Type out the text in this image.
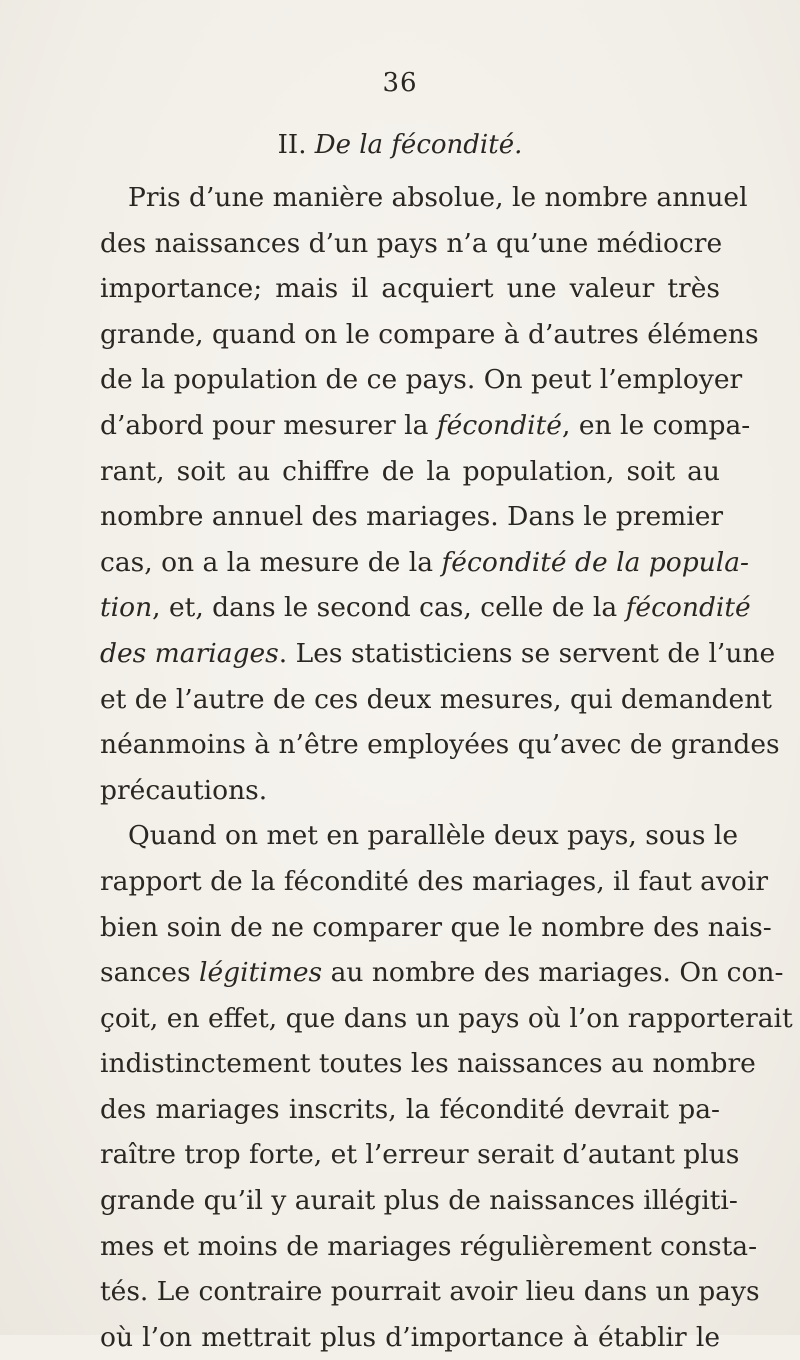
36
II. De la fécondité.
Pris d’une manière absolue, le nombre annuel
des naissances d’un pays n’a qu’une médiocre
importance; mais il acquiert une valeur très
grande, quand on le compare à d’autres élémens
de la population de ce pays. On peut l’employer
d’abord pour mesurer la fécondité, en le compa-
rant, soit au chiffre de la population, soit au
nombre annuel des mariages. Dans le premier
cas, on a la mesure de la fécondité de la popula-
tion, et, dans le second cas, celle de la fécondité
des mariages. Les statisticiens se servent de l’une
et de l’autre de ces deux mesures, qui demandent
néanmoins à n’être employées qu’avec de grandes
précautions.
Quand on met en parallèle deux pays, sous le
rapport de la fécondité des mariages, il faut avoir
bien soin de ne comparer que le nombre des nais-
sances légitimes au nombre des mariages. On con-
çoit, en effet, que dans un pays où l’on rapporterait
indistinctement toutes les naissances au nombre
des mariages inscrits, la fécondité devrait pa-
raître trop forte, et l’erreur serait d’autant plus
grande qu’il y aurait plus de naissances illégiti-
mes et moins de mariages régulièrement consta-
tés. Le contraire pourrait avoir lieu dans un pays
où l’on mettrait plus d’importance à établir le
